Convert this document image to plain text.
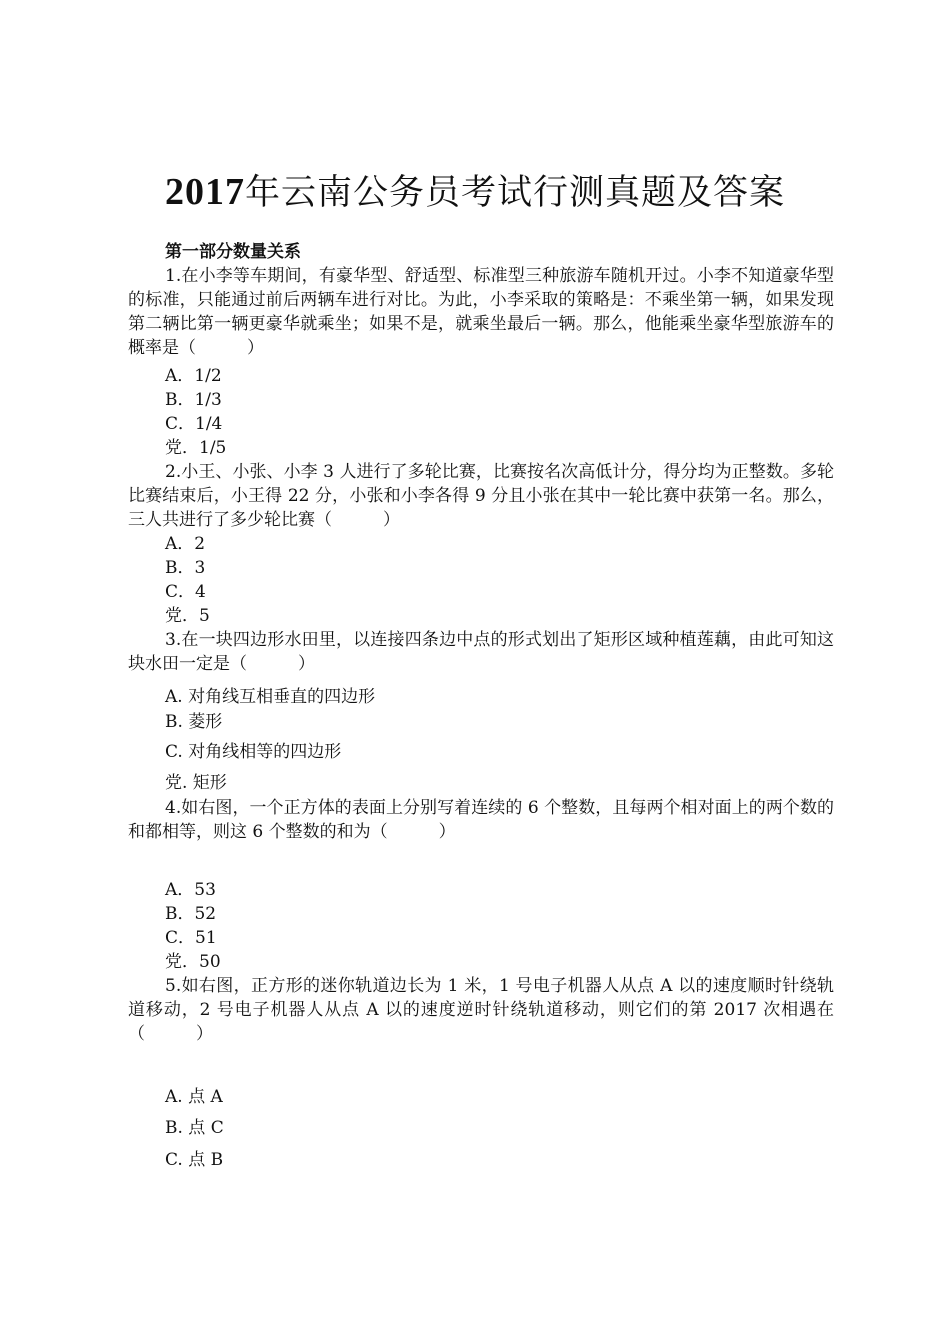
2017年云南公务员考试行测真题及答案
第一部分数量关系
1.在小李等车期间，有豪华型、舒适型、标准型三种旅游车随机开过。小李不知道豪华型的标准，只能通过前后两辆车进行对比。为此，小李采取的策略是：不乘坐第一辆，如果发现第二辆比第一辆更豪华就乘坐；如果不是，就乘坐最后一辆。那么，他能乘坐豪华型旅游车的概率是（　　　）
A．1/2
B．1/3
C．1/4
党．1/5
2.小王、小张、小李 3 人进行了多轮比赛，比赛按名次高低计分，得分均为正整数。多轮比赛结束后，小王得 22 分，小张和小李各得 9 分且小张在其中一轮比赛中获第一名。那么，三人共进行了多少轮比赛（　　　）
A．2
B．3
C．4
党．5
3.在一块四边形水田里，以连接四条边中点的形式划出了矩形区域种植莲藕，由此可知这块水田一定是（　　　）
A. 对角线互相垂直的四边形
B. 菱形
C. 对角线相等的四边形
党. 矩形
4.如右图，一个正方体的表面上分别写着连续的 6 个整数，且每两个相对面上的两个数的和都相等，则这 6 个整数的和为（　　　）
A．53
B．52
C．51
党．50
5.如右图，正方形的迷你轨道边长为 1 米，1 号电子机器人从点 A 以的速度顺时针绕轨道移动，2 号电子机器人从点 A 以的速度逆时针绕轨道移动，则它们的第 2017 次相遇在（　　　）
A. 点 A
B. 点 C
C. 点 B
